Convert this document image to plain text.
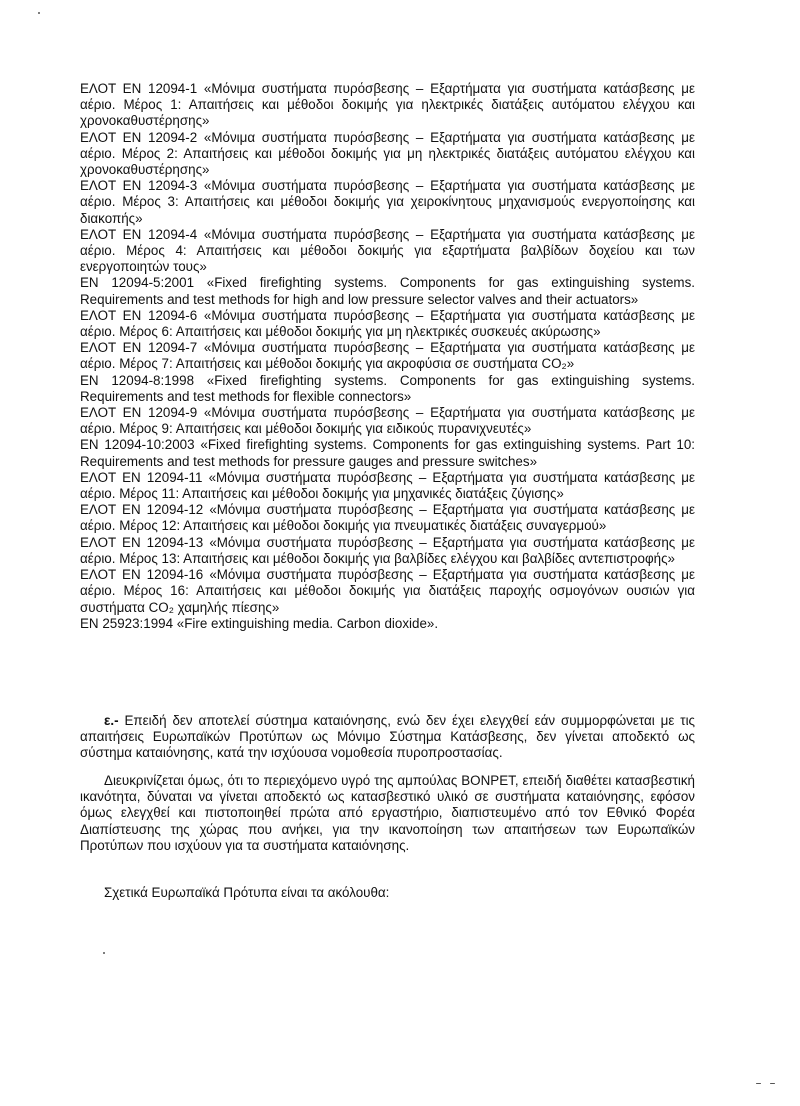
ΕΛΟΤ ΕΝ 12094-1 «Μόνιμα συστήματα πυρόσβεσης – Εξαρτήματα για συστήματα κατάσβεσης με αέριο. Μέρος 1: Απαιτήσεις και μέθοδοι δοκιμής για ηλεκτρικές διατάξεις αυτόματου ελέγχου και χρονοκαθυστέρησης»

ΕΛΟΤ ΕΝ 12094-2 «Μόνιμα συστήματα πυρόσβεσης – Εξαρτήματα για συστήματα κατάσβεσης με αέριο. Μέρος 2: Απαιτήσεις και μέθοδοι δοκιμής για μη ηλεκτρικές διατάξεις αυτόματου ελέγχου και χρονοκαθυστέρησης»

ΕΛΟΤ ΕΝ 12094-3 «Μόνιμα συστήματα πυρόσβεσης – Εξαρτήματα για συστήματα κατάσβεσης με αέριο. Μέρος 3: Απαιτήσεις και μέθοδοι δοκιμής για χειροκίνητους μηχανισμούς ενεργοποίησης και διακοπής»

ΕΛΟΤ ΕΝ 12094-4 «Μόνιμα συστήματα πυρόσβεσης – Εξαρτήματα για συστήματα κατάσβεσης με αέριο. Μέρος 4: Απαιτήσεις και μέθοδοι δοκιμής για εξαρτήματα βαλβίδων δοχείου και των ενεργοποιητών τους»

ΕΝ 12094-5:2001 «Fixed firefighting systems. Components for gas extinguishing systems. Requirements and test methods for high and low pressure selector valves and their actuators»

ΕΛΟΤ ΕΝ 12094-6 «Μόνιμα συστήματα πυρόσβεσης – Εξαρτήματα για συστήματα κατάσβεσης με αέριο. Μέρος 6: Απαιτήσεις και μέθοδοι δοκιμής για μη ηλεκτρικές συσκευές ακύρωσης»

ΕΛΟΤ ΕΝ 12094-7 «Μόνιμα συστήματα πυρόσβεσης – Εξαρτήματα για συστήματα κατάσβεσης με αέριο. Μέρος 7: Απαιτήσεις και μέθοδοι δοκιμής για ακροφύσια σε συστήματα CO₂»

ΕΝ 12094-8:1998 «Fixed firefighting systems. Components for gas extinguishing systems. Requirements and test methods for flexible connectors»

ΕΛΟΤ ΕΝ 12094-9 «Μόνιμα συστήματα πυρόσβεσης – Εξαρτήματα για συστήματα κατάσβεσης με αέριο. Μέρος 9: Απαιτήσεις και μέθοδοι δοκιμής για ειδικούς πυρανιχνευτές»

ΕΝ 12094-10:2003 «Fixed firefighting systems. Components for gas extinguishing systems. Part 10: Requirements and test methods for pressure gauges and pressure switches»

ΕΛΟΤ ΕΝ 12094-11 «Μόνιμα συστήματα πυρόσβεσης – Εξαρτήματα για συστήματα κατάσβεσης με αέριο. Μέρος 11: Απαιτήσεις και μέθοδοι δοκιμής για μηχανικές διατάξεις ζύγισης»

ΕΛΟΤ ΕΝ 12094-12 «Μόνιμα συστήματα πυρόσβεσης – Εξαρτήματα για συστήματα κατάσβεσης με αέριο. Μέρος 12: Απαιτήσεις και μέθοδοι δοκιμής για πνευματικές διατάξεις συναγερμού»

ΕΛΟΤ ΕΝ 12094-13 «Μόνιμα συστήματα πυρόσβεσης – Εξαρτήματα για συστήματα κατάσβεσης με αέριο. Μέρος 13: Απαιτήσεις και μέθοδοι δοκιμής για βαλβίδες ελέγχου και βαλβίδες αντεπιστροφής»

ΕΛΟΤ ΕΝ 12094-16 «Μόνιμα συστήματα πυρόσβεσης – Εξαρτήματα για συστήματα κατάσβεσης με αέριο. Μέρος 16: Απαιτήσεις και μέθοδοι δοκιμής για διατάξεις παροχής οσμογόνων ουσιών για συστήματα CO₂ χαμηλής πίεσης»

ΕΝ 25923:1994 «Fire extinguishing media. Carbon dioxide».

ε.- Επειδή δεν αποτελεί σύστημα καταιόνησης, ενώ δεν έχει ελεγχθεί εάν συμμορφώνεται με τις απαιτήσεις Ευρωπαϊκών Προτύπων ως Μόνιμο Σύστημα Κατάσβεσης, δεν γίνεται αποδεκτό ως σύστημα καταιόνησης, κατά την ισχύουσα νομοθεσία πυροπροστασίας.

Διευκρινίζεται όμως, ότι το περιεχόμενο υγρό της αμπούλας BONPET, επειδή διαθέτει κατασβεστική ικανότητα, δύναται να γίνεται αποδεκτό ως κατασβεστικό υλικό σε συστήματα καταιόνησης, εφόσον όμως ελεγχθεί και πιστοποιηθεί πρώτα από εργαστήριο, διαπιστευμένο από τον Εθνικό Φορέα Διαπίστευσης της χώρας που ανήκει, για την ικανοποίηση των απαιτήσεων των Ευρωπαϊκών Προτύπων που ισχύουν για τα συστήματα καταιόνησης.

Σχετικά Ευρωπαϊκά Πρότυπα είναι τα ακόλουθα:
